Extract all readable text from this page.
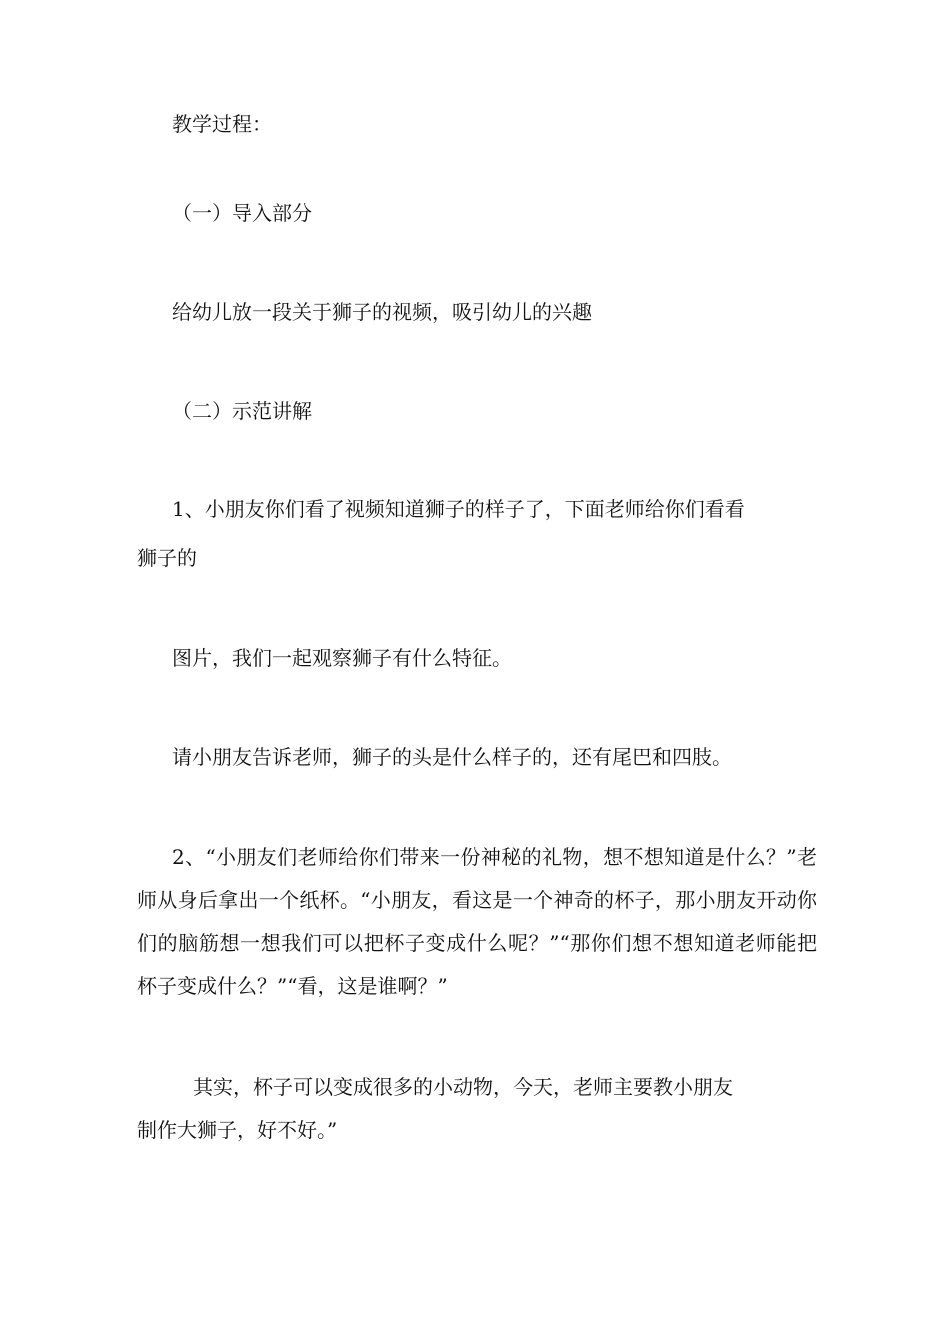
教学过程：
（一）导入部分
给幼儿放一段关于狮子的视频，吸引幼儿的兴趣
（二）示范讲解
1、小朋友你们看了视频知道狮子的样子了，下面老师给你们看看
狮子的
图片，我们一起观察狮子有什么特征。
请小朋友告诉老师，狮子的头是什么样子的，还有尾巴和四肢。
2、“小朋友们老师给你们带来一份神秘的礼物，想不想知道是什么？”老师从身后拿出一个纸杯。“小朋友，看这是一个神奇的杯子，那小朋友开动你们的脑筋想一想我们可以把杯子变成什么呢？”“那你们想不想知道老师能把杯子变成什么？”“看，这是谁啊？”
其实，杯子可以变成很多的小动物，今天，老师主要教小朋友
制作大狮子，好不好。”
